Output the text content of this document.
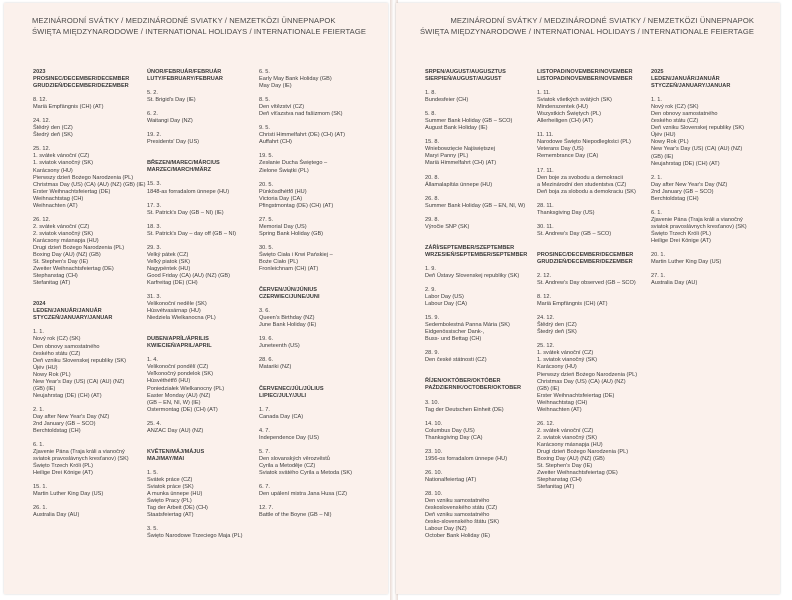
MEZINÁRODNÍ SVÁTKY / MEDZINÁRODNÉ SVIATKY / NEMZETKÖZI ÜNNEPNAPOK
ŚWIĘTA MIĘDZYNARODOWE / INTERNATIONAL HOLIDAYS / INTERNATIONALE FEIERTAGE
2023
PROSINEC/DECEMBER/DECEMBER
GRUDZIEŃ/DECEMBER/DEZEMBER
8. 12.
Mariä Empfängnis (CH) (AT)
24. 12.
Štědrý den (CZ)
Štedrý deň (SK)
25. 12.
1. svátek vánoční (CZ)
1. sviatok vianočný (SK)
Karácsony (HU)
Pierwszy dzień Bożego Narodzenia (PL)
Christmas Day (US) (CA) (AU) (NZ) (GB) (IE)
Erster Weihnachtsfeiertag (DE)
Weihnachtstag (CH)
Weihnachten (AT)
26. 12.
2. svátek vánoční (CZ)
2. sviatok vianočný (SK)
Karácsony másnapja (HU)
Drugi dzień Bożego Narodzenia (PL)
Boxing Day (AU) (NZ) (GB)
St. Stephen's Day (IE)
Zweiter Weihnachtsfeiertag (DE)
Stephanstag (CH)
Stefanitag (AT)
2024
LEDEN/JANUÁR/JANUÁR
STYCZEŃ/JANUARY/JANUAR
1. 1.
Nový rok (CZ) (SK)
Den obnovy samostatného
českého státu (CZ)
Deň vzniku Slovenskej republiky (SK)
Újév (HU)
Nowy Rok (PL)
New Year's Day (US) (CA) (AU) (NZ)
(GB) (IE)
Neujahrstag (DE) (CH) (AT)
2. 1.
Day after New Year's Day (NZ)
2nd January (GB – SCO)
Berchtoldstag (CH)
6. 1.
Zjavenie Pána (Traja králi a vianočný
sviatok pravoslávnych kresťanov) (SK)
Święto Trzech Króli (PL)
Heilige Drei Könige (AT)
15. 1.
Martin Luther King Day (US)
26. 1.
Australia Day (AU)
ÚNOR/FEBRUÁR/FEBRUÁR
LUTY/FEBRUARY/FEBRUAR
5. 2.
St. Brigid's Day (IE)
6. 2.
Waitangi Day (NZ)
19. 2.
Presidents' Day (US)
BŘEZEN/MAREC/MÁRCIUS
MARZEC/MARCH/MÄRZ
15. 3.
1848-as forradalom ünnepe (HU)
17. 3.
St. Patrick's Day (GB – NI) (IE)
18. 3.
St. Patrick's Day – day off (GB – NI)
29. 3.
Velký pátek (CZ)
Veľký piatok (SK)
Nagypéntek (HU)
Good Friday (CA) (AU) (NZ) (GB)
Karfreitag (DE) (CH)
31. 3.
Velikonoční neděle (SK)
Húsvétvasárnap (HU)
Niedziela Wielkanocna (PL)
DUBEN/APRÍL/ÁPRILIS
KWIECIEŃ/APRIL/APRIL
1. 4.
Velikonoční pondělí (CZ)
Veľkonočný pondelok (SK)
Húsvéthétfő (HU)
Poniedziałek Wielkanocny (PL)
Easter Monday (AU) (NZ)
(GB – EN, NI, W) (IE)
Ostermontag (DE) (CH) (AT)
25. 4.
ANZAC Day (AU) (NZ)
KVĚTEN/MÁJ/MÁJUS
MAJ/MAY/MAI
1. 5.
Svátek práce (CZ)
Sviatok práce (SK)
A munka ünnepe (HU)
Święto Pracy (PL)
Tag der Arbeit (DE) (CH)
Staatsfeiertag (AT)
3. 5.
Święto Narodowe Trzeciego Maja (PL)
6. 5.
Early May Bank Holiday (GB)
May Day (IE)
8. 5.
Den vítězství (CZ)
Deň víťazstva nad fašizmom (SK)
9. 5.
Christi Himmelfahrt (DE) (CH) (AT)
Auffahrt (CH)
19. 5.
Zesłanie Ducha Świętego –
Zielone Świątki (PL)
20. 5.
Pünkösdhétfő (HU)
Victoria Day (CA)
Pfingstmontag (DE) (CH) (AT)
27. 5.
Memorial Day (US)
Spring Bank Holiday (GB)
30. 5.
Święto Ciała i Krwi Pańskiej –
Boże Ciało (PL)
Fronleichnam (CH) (AT)
ČERVEN/JÚN/JÚNIUS
CZERWIEC/JUNE/JUNI
3. 6.
Queen's Birthday (NZ)
June Bank Holiday (IE)
19. 6.
Juneteenth (US)
28. 6.
Matariki (NZ)
ČERVENEC/JÚL/JÚLIUS
LIPIEC/JULY/JULI
1. 7.
Canada Day (CA)
4. 7.
Independence Day (US)
5. 7.
Den slovanských věrozvěstů
Cyrila a Metoděje (CZ)
Sviatok svätého Cyrila a Metoda (SK)
6. 7.
Den upálení mistra Jana Husa (CZ)
12. 7.
Battle of the Boyne (GB – NI)
MEZINÁRODNÍ SVÁTKY / MEDZINÁRODNÉ SVIATKY / NEMZETKÖZI ÜNNEPNAPOK
ŚWIĘTA MIĘDZYNARODOWE / INTERNATIONAL HOLIDAYS / INTERNATIONALE FEIERTAGE
SRPEN/AUGUST/AUGUSZTUS
SIERPIEŃ/AUGUST/AUGUST
1. 8.
Bundesfeier (CH)
5. 8.
Summer Bank Holiday (GB – SCO)
August Bank Holiday (IE)
15. 8.
Wniebowzięcie Najświętszej
Maryi Panny (PL)
Mariä Himmelfahrt (CH) (AT)
20. 8.
Államalapítás ünnepe (HU)
26. 8.
Summer Bank Holiday (GB – EN, NI, W)
29. 8.
Výročie SNP (SK)
ZÁŘÍ/SEPTEMBER/SZEPTEMBER
WRZESIEŃ/SEPTEMBER/SEPTEMBER
1. 9.
Deň Ústavy Slovenskej republiky (SK)
2. 9.
Labor Day (US)
Labour Day (CA)
15. 9.
Sedembolestná Panna Mária (SK)
Eidgenössischer Dank-,
Buss- und Bettag (CH)
28. 9.
Den české státnosti (CZ)
ŘÍJEN/OKTÓBER/OKTÓBER
PAŹDZIERNIK/OCTOBER/OKTOBER
3. 10.
Tag der Deutschen Einheit (DE)
14. 10.
Columbus Day (US)
Thanksgiving Day (CA)
23. 10.
1956-os forradalom ünnepe (HU)
26. 10.
Nationalfeiertag (AT)
28. 10.
Den vzniku samostatného
československého státu (CZ)
Deň vzniku samostatného
česko-slovenského štátu (SK)
Labour Day (NZ)
October Bank Holiday (IE)
LISTOPAD/NOVEMBER/NOVEMBER
LISTOPAD/NOVEMBER/NOVEMBER
1. 11.
Sviatok všetkých svätých (SK)
Mindenszentek (HU)
Wszystkich Świętych (PL)
Allerheiligen (CH) (AT)
11. 11.
Narodowe Święto Niepodległości (PL)
Veterans Day (US)
Remembrance Day (CA)
17. 11.
Den boje za svobodu a demokracii
a Mezinárodní den studentstva (CZ)
Deň boja za slobodu a demokraciu (SK)
28. 11.
Thanksgiving Day (US)
30. 11.
St. Andrew's Day (GB – SCO)
PROSINEC/DECEMBER/DECEMBER
GRUDZIEŃ/DECEMBER/DEZEMBER
2. 12.
St. Andrew's Day observed (GB – SCO)
8. 12.
Mariä Empfängnis (CH) (AT)
24. 12.
Štědrý den (CZ)
Štedrý deň (SK)
25. 12.
1. svátek vánoční (CZ)
1. sviatok vianočný (SK)
Karácsony (HU)
Pierwszy dzień Bożego Narodzenia (PL)
Christmas Day (US) (CA) (AU) (NZ)
(GB) (IE)
Erster Weihnachtsfeiertag (DE)
Weihnachtstag (CH)
Weihnachten (AT)
26. 12.
2. svátek vánoční (CZ)
2. sviatok vianočný (SK)
Karácsony másnapja (HU)
Drugi dzień Bożego Narodzenia (PL)
Boxing Day (AU) (NZ) (GB)
St. Stephen's Day (IE)
Zweiter Weihnachtsfeiertag (DE)
Stephanstag (CH)
Stefanitag (AT)
2025
LEDEN/JANUÁR/JANUÁR
STYCZEŃ/JANUARY/JANUAR
1. 1.
Nový rok (CZ) (SK)
Den obnovy samostatného
českého státu (CZ)
Deň vzniku Slovenskej republiky (SK)
Újév (HU)
Nowy Rok (PL)
New Year's Day (US) (CA) (AU) (NZ)
(GB) (IE)
Neujahrstag (DE) (CH) (AT)
2. 1.
Day after New Year's Day (NZ)
2nd January (GB – SCO)
Berchtoldstag (CH)
6. 1.
Zjavenie Pána (Traja králi a vianočný
sviatok pravoslávnych kresťanov) (SK)
Święto Trzech Króli (PL)
Heilige Drei Könige (AT)
20. 1.
Martin Luther King Day (US)
27. 1.
Australia Day (AU)
